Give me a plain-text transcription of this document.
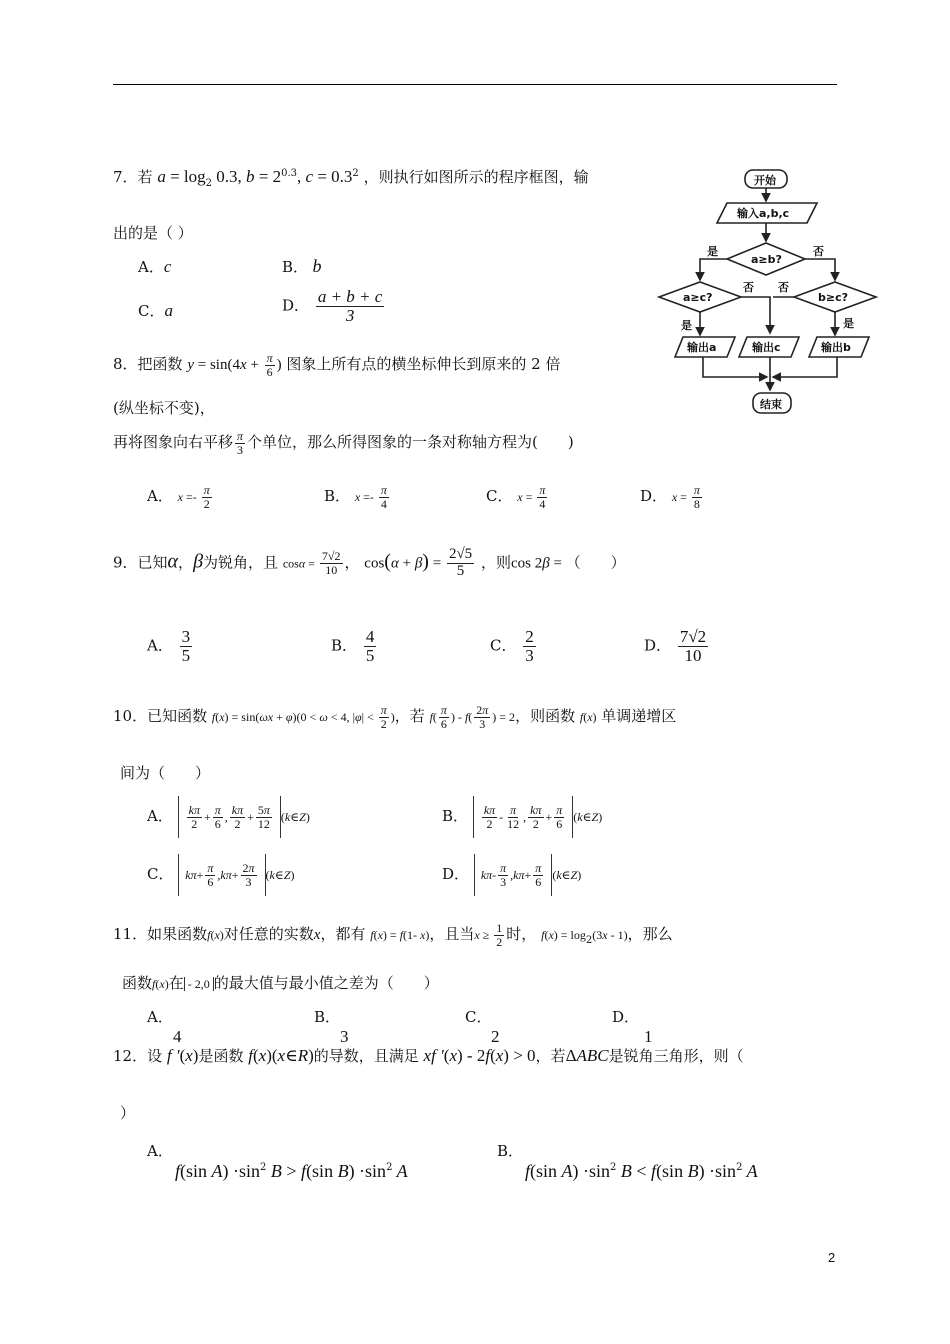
7．若 $a = \log_2 0.3$, $b = 2^{0.3}$, $c = 0.3^2$ ，则执行如图所示的程序框图，输
出的是（ ）
A．c	B． b
C．a	D． $\frac{a + b + c}{3}$
开始
输入a,b,c
a≥b?
a≥c?	b≥c?
是	否
否 否
是	是
输出a	输出c	输出b
结束
8．把函数 $y = \sin(4x + \frac{\pi}{6}$ ) 图象上所有点的横坐标伸长到原来的 2 倍
(纵坐标不变)，
再将图象向右平移 $\frac{\pi}{3}$ 个单位，那么所得图象的一条对称轴方程为(　　)
A． $x =- \frac{\pi}{2}$	B． $x =- \frac{\pi}{4}$	C． $x = \frac{\pi}{4}$	D． $x = \frac{\pi}{8}$
9．已知α，β为锐角，且 $\cos\alpha = \frac{7√2}{10}$ ， $\cos(\alpha + \beta) = \frac{2√5}{5}$ ，则cos 2β = （　　）
A． $\frac{3}{5}$	B． $\frac{4}{5}$	C． $\frac{2}{3}$	D． $\frac{7√2}{10}$
10．已知函数 f(x) = sin(ωx + φ)(0 < ω < 4, $|\varphi| < \frac{\pi}{2}$ )，若 $f( \frac{\pi}{6}$ ) - $f( \frac{2\pi}{3}$ ) = 2，则函数 f(x) 单调递增区
间为（　　）
A． $\frac{k\pi}{2} + \frac{\pi}{6}$ , $\frac{k\pi}{2} + \frac{5\pi}{12}$ (k∈Z)	B． $\frac{k\pi}{2} - \frac{\pi}{12}$ , $\frac{k\pi}{2} + \frac{\pi}{6}$ (k∈Z)
C． $k\pi+ \frac{\pi}{6} ,k\pi+ \frac{2\pi}{3}$ (k∈Z)	D． $k\pi- \frac{\pi}{3} ,k\pi+ \frac{\pi}{6}$ (k∈Z)
11．如果函数f(x)对任意的实数x，都有 f(x) = f(1- x)，且当$x \ge \frac{1}{2}$ 时， $f(x) = \log_2(3x - 1)$，那么
函数f(x)在 - 2,0 的最大值与最小值之差为（　　）
A．
4
B．
3
C．
2
D．
1
12．设 f ′(x)是函数 f(x)(x∈R)的导数，且满足 xf ′(x) - 2f(x) > 0，若ΔABC是锐角三角形，则（
）
A．
f(sin $A) \cdot\sin^2$ B > f(sin $B) \cdot\sin^2$ A
B．
f(sin $A) \cdot\sin^2$ B < f(sin $B) \cdot\sin^2$ A
2
